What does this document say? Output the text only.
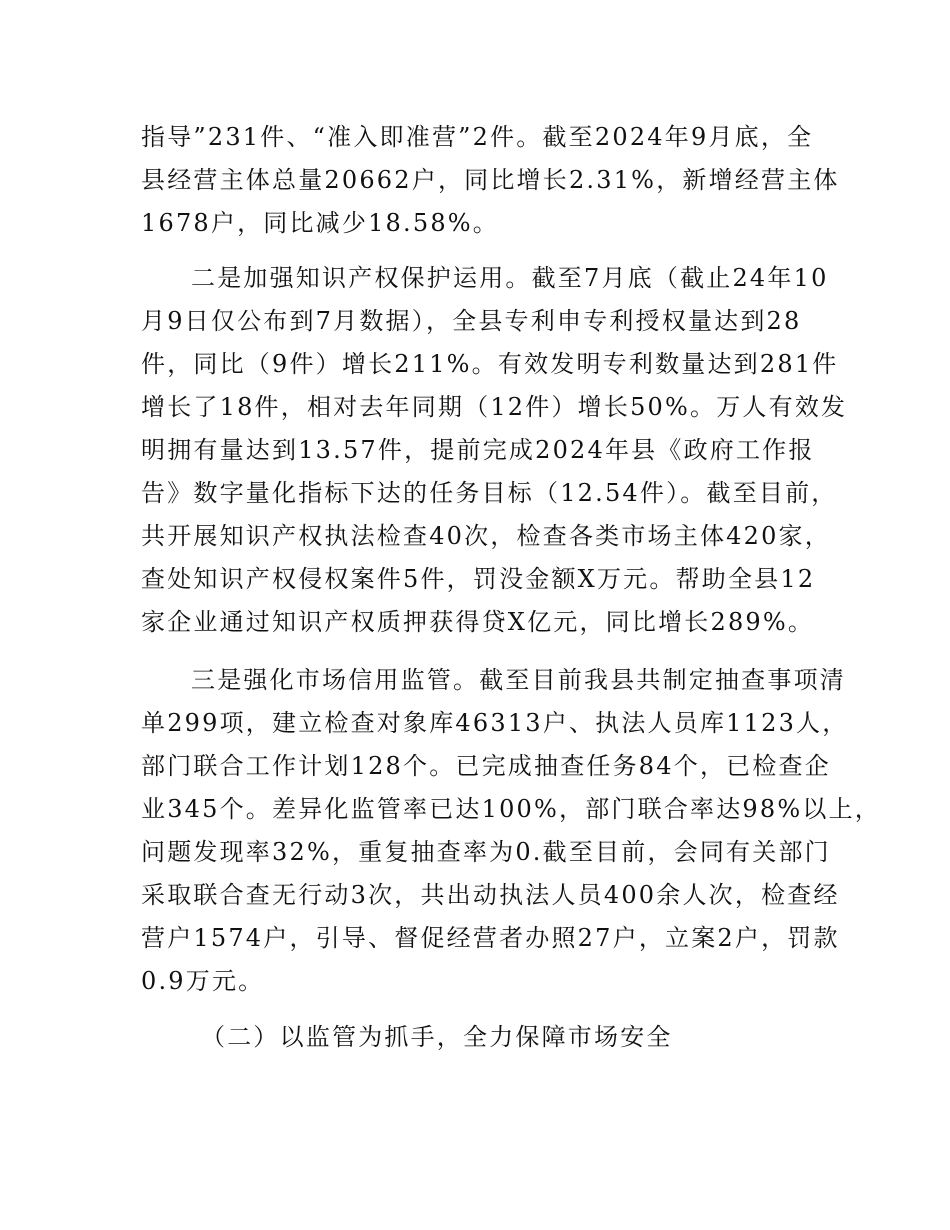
指导”231件、“准入即准营”2件。截至2024年9月底，全
县经营主体总量20662户，同比增长2.31%，新增经营主体
1678户，同比减少18.58%。
二是加强知识产权保护运用。截至7月底（截止24年10
月9日仅公布到7月数据），全县专利申专利授权量达到28
件，同比（9件）增长211%。有效发明专利数量达到281件
增长了18件，相对去年同期（12件）增长50%。万人有效发
明拥有量达到13.57件，提前完成2024年县《政府工作报
告》数字量化指标下达的任务目标（12.54件）。截至目前，
共开展知识产权执法检查40次，检查各类市场主体420家，
查处知识产权侵权案件5件，罚没金额X万元。帮助全县12
家企业通过知识产权质押获得贷X亿元，同比增长289%。
三是强化市场信用监管。截至目前我县共制定抽查事项清
单299项，建立检查对象库46313户、执法人员库1123人，
部门联合工作计划128个。已完成抽查任务84个，已检查企
业345个。差异化监管率已达100%，部门联合率达98%以上，
问题发现率32%，重复抽查率为0.截至目前，会同有关部门
采取联合查无行动3次，共出动执法人员400余人次，检查经
营户1574户，引导、督促经营者办照27户，立案2户，罚款
0.9万元。
（二）以监管为抓手，全力保障市场安全
